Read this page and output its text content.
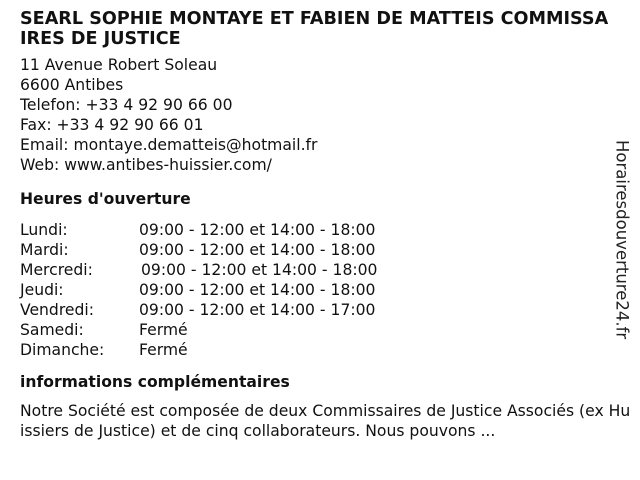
SEARL SOPHIE MONTAYE ET FABIEN DE MATTEIS COMMISSAIRES DE JUSTICE
11 Avenue Robert Soleau
6600 Antibes
Telefon: +33 4 92 90 66 00
Fax: +33 4 92 90 66 01
Email: montaye.dematteis@hotmail.fr
Web: www.antibes-huissier.com/
Heures d'ouverture
Lundi:	09:00 - 12:00 et 14:00 - 18:00
Mardi:	09:00 - 12:00 et 14:00 - 18:00
Mercredi:	09:00 - 12:00 et 14:00 - 18:00
Jeudi:	09:00 - 12:00 et 14:00 - 18:00
Vendredi:	09:00 - 12:00 et 14:00 - 17:00
Samedi:	Fermé
Dimanche:	Fermé
informations complémentaires
Notre Société est composée de deux Commissaires de Justice Associés (ex Huissiers de Justice) et de cinq collaborateurs. Nous pouvons ...
Horairesdouverture24.fr
